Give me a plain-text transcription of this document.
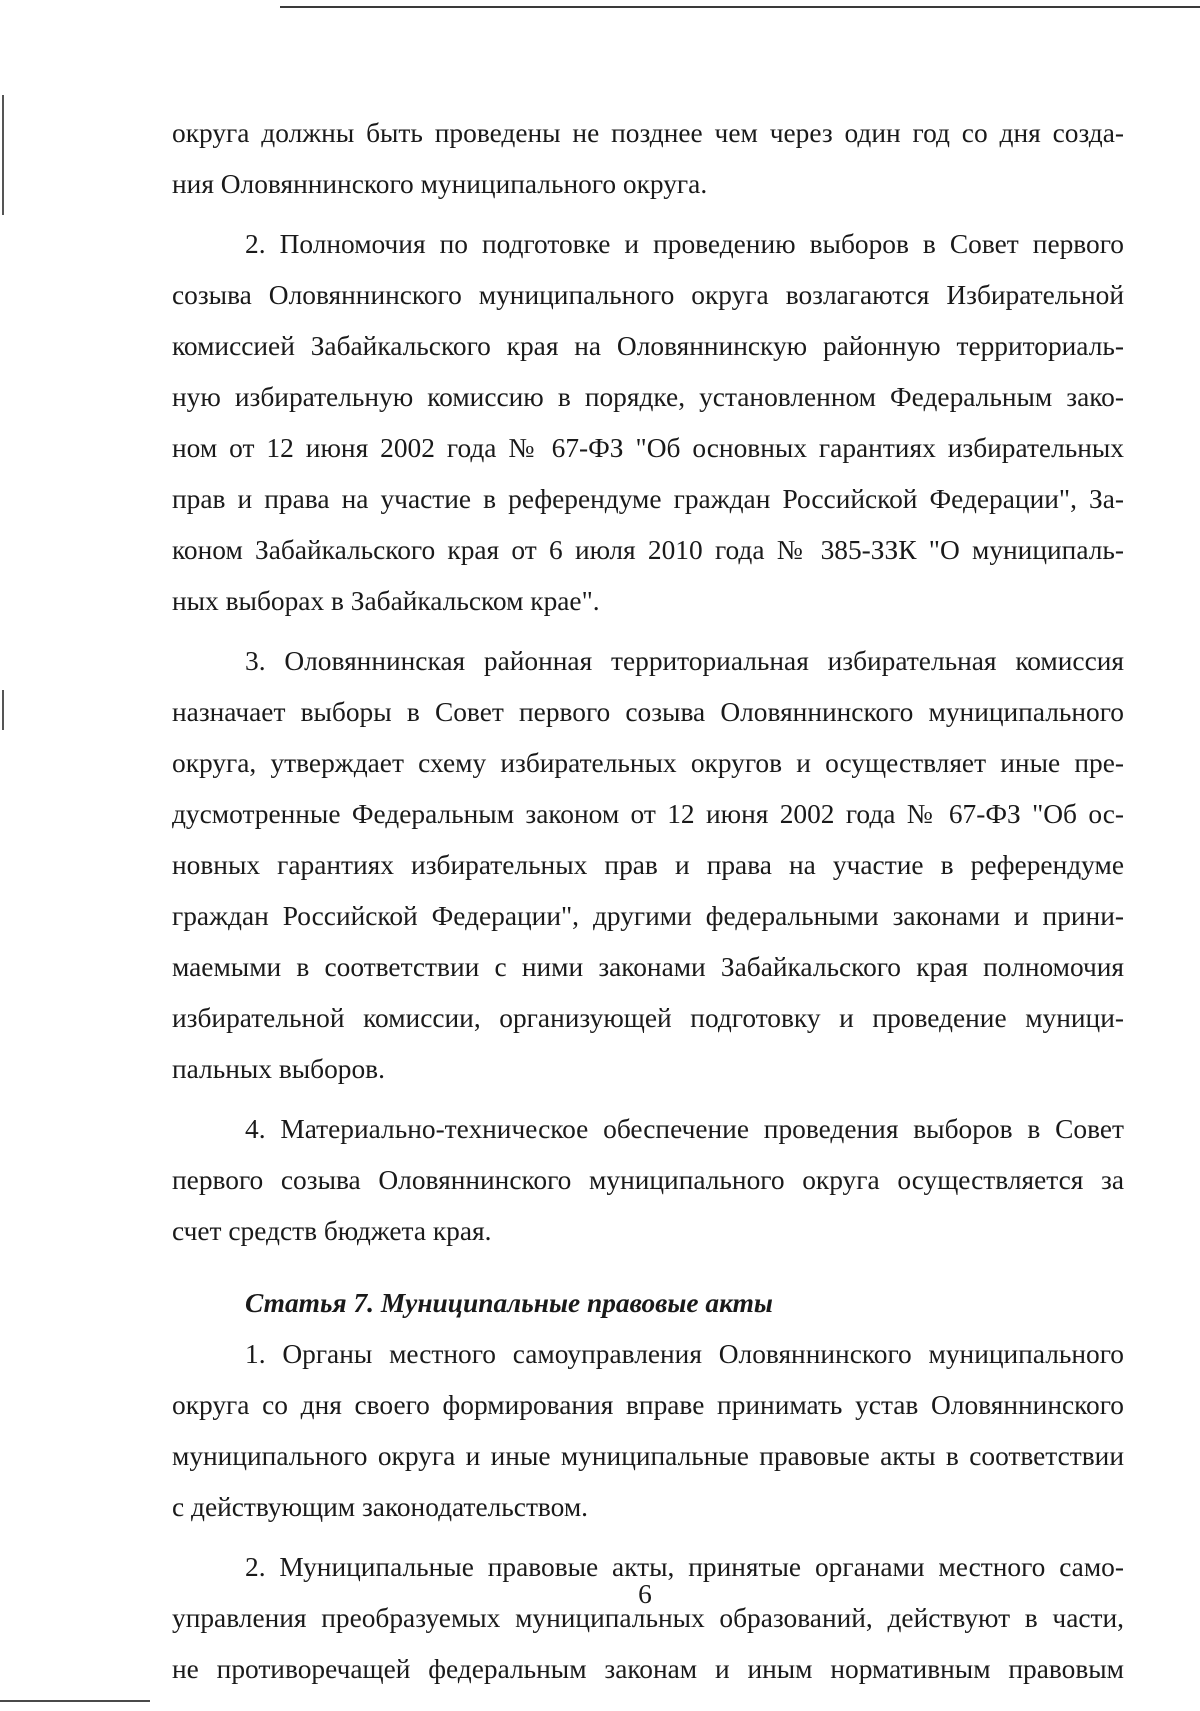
округа должны быть проведены не позднее чем через один год со дня созда-
ния Оловяннинского муниципального округа.
2. Полномочия по подготовке и проведению выборов в Совет первого
созыва Оловяннинского муниципального округа возлагаются Избирательной
комиссией Забайкальского края на Оловяннинскую районную территориаль-
ную избирательную комиссию в порядке, установленном Федеральным зако-
ном от 12 июня 2002 года № 67-ФЗ "Об основных гарантиях избирательных
прав и права на участие в референдуме граждан Российской Федерации", За-
коном Забайкальского края от 6 июля 2010 года № 385-ЗЗК "О муниципаль-
ных выборах в Забайкальском крае".
3. Оловяннинская районная территориальная избирательная комиссия
назначает выборы в Совет первого созыва Оловяннинского муниципального
округа, утверждает схему избирательных округов и осуществляет иные пре-
дусмотренные Федеральным законом от 12 июня 2002 года № 67-ФЗ "Об ос-
новных гарантиях избирательных прав и права на участие в референдуме
граждан Российской Федерации", другими федеральными законами и прини-
маемыми в соответствии с ними законами Забайкальского края полномочия
избирательной комиссии, организующей подготовку и проведение муници-
пальных выборов.
4. Материально-техническое обеспечение проведения выборов в Совет
первого созыва Оловяннинского муниципального округа осуществляется за
счет средств бюджета края.
Статья 7. Муниципальные правовые акты
1. Органы местного самоуправления Оловяннинского муниципального
округа со дня своего формирования вправе принимать устав Оловяннинского
муниципального округа и иные муниципальные правовые акты в соответствии
с действующим законодательством.
2. Муниципальные правовые акты, принятые органами местного само-
управления преобразуемых муниципальных образований, действуют в части,
не противоречащей федеральным законам и иным нормативным правовым
6
